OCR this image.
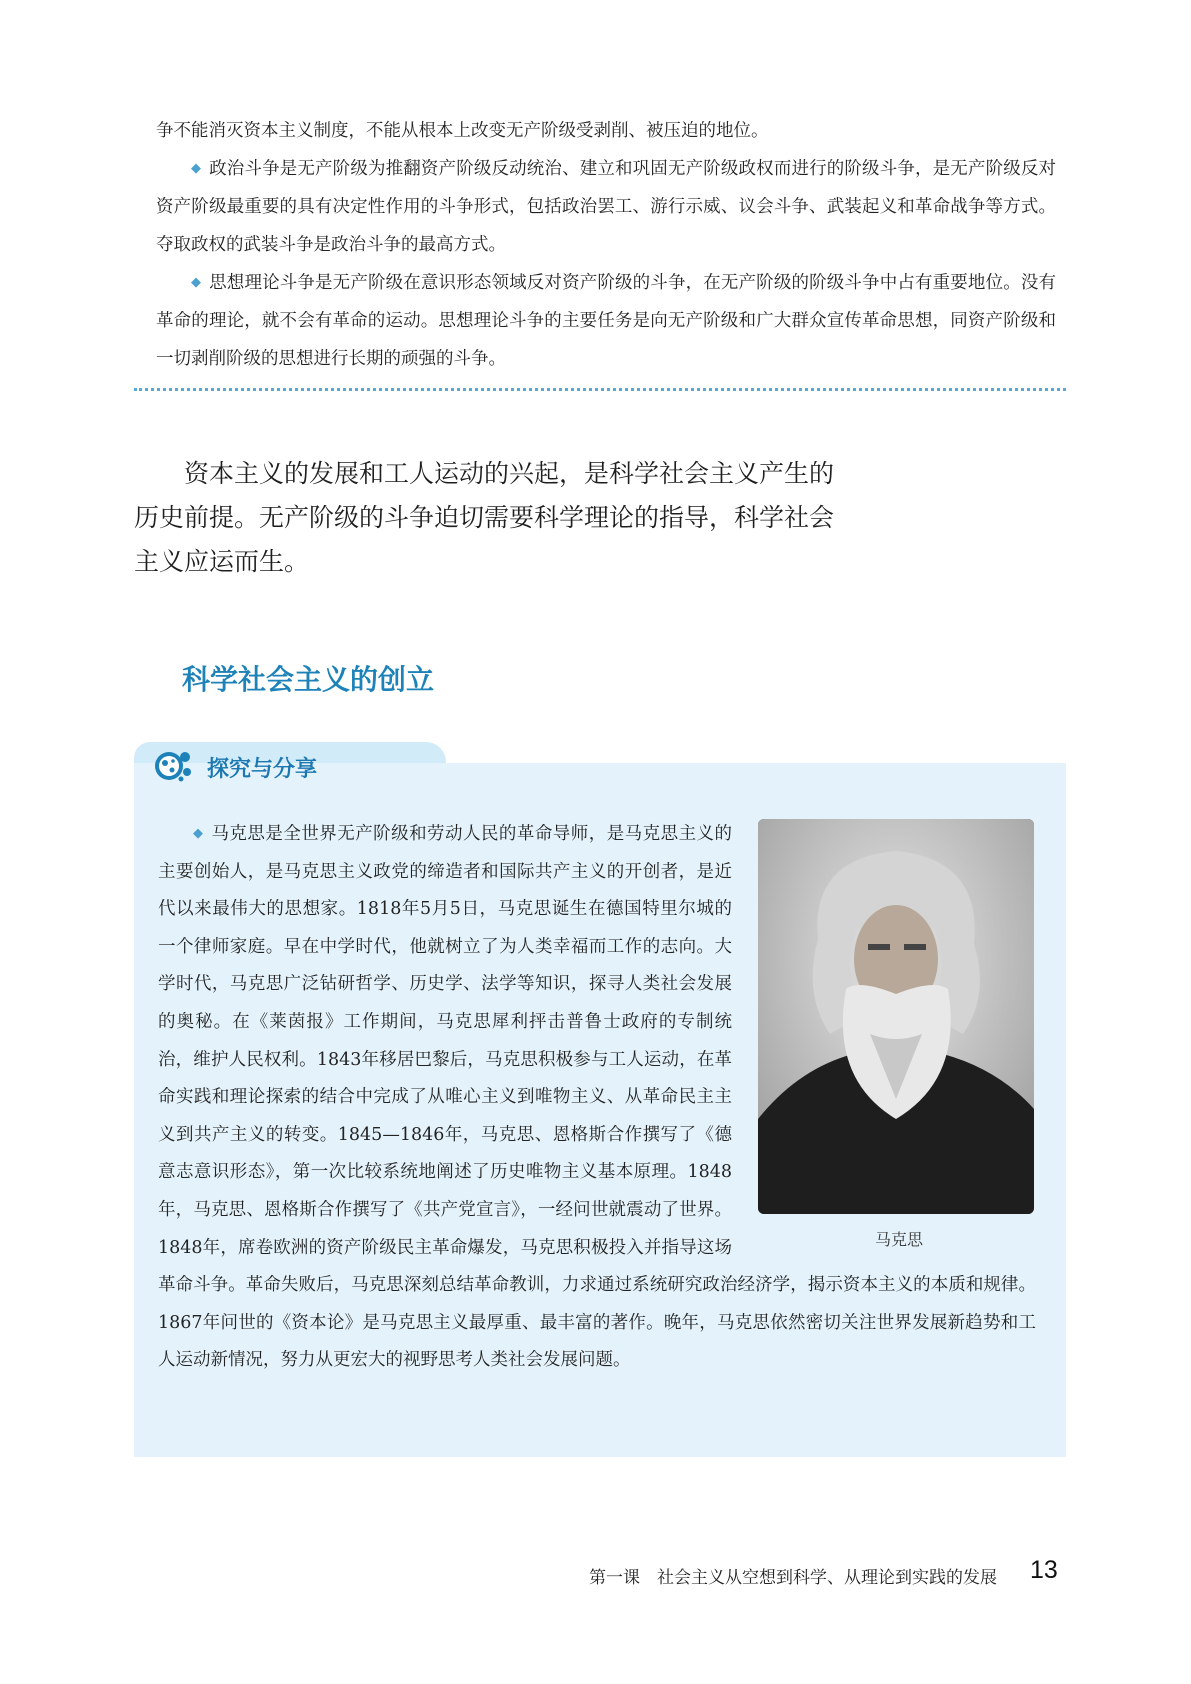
争不能消灭资本主义制度，不能从根本上改变无产阶级受剥削、被压迫的地位。

◆ 政治斗争是无产阶级为推翻资产阶级反动统治、建立和巩固无产阶级政权而进行的阶级斗争，是无产阶级反对资产阶级最重要的具有决定性作用的斗争形式，包括政治罢工、游行示威、议会斗争、武装起义和革命战争等方式。夺取政权的武装斗争是政治斗争的最高方式。

◆ 思想理论斗争是无产阶级在意识形态领域反对资产阶级的斗争，在无产阶级的阶级斗争中占有重要地位。没有革命的理论，就不会有革命的运动。思想理论斗争的主要任务是向无产阶级和广大群众宣传革命思想，同资产阶级和一切剥削阶级的思想进行长期的顽强的斗争。

资本主义的发展和工人运动的兴起，是科学社会主义产生的历史前提。无产阶级的斗争迫切需要科学理论的指导，科学社会主义应运而生。

科学社会主义的创立
探究与分享
◆ 马克思是全世界无产阶级和劳动人民的革命导师，是马克思主义的主要创始人，是马克思主义政党的缔造者和国际共产主义的开创者，是近代以来最伟大的思想家。1818年5月5日，马克思诞生在德国特里尔城的一个律师家庭。早在中学时代，他就树立了为人类幸福而工作的志向。大学时代，马克思广泛钻研哲学、历史学、法学等知识，探寻人类社会发展的奥秘。在《莱茵报》工作期间，马克思犀利抨击普鲁士政府的专制统治，维护人民权利。1843年移居巴黎后，马克思积极参与工人运动，在革命实践和理论探索的结合中完成了从唯心主义到唯物主义、从革命民主主义到共产主义的转变。1845—1846年，马克思、恩格斯合作撰写了《德意志意识形态》，第一次比较系统地阐述了历史唯物主义基本原理。1848年，马克思、恩格斯合作撰写了《共产党宣言》，一经问世就震动了世界。1848年，席卷欧洲的资产阶级民主革命爆发，马克思积极投入并指导这场革命斗争。革命失败后，马克思深刻总结革命教训，力求通过系统研究政治经济学，揭示资本主义的本质和规律。1867年问世的《资本论》是马克思主义最厚重、最丰富的著作。晚年，马克思依然密切关注世界发展新趋势和工人运动新情况，努力从更宏大的视野思考人类社会发展问题。
马克思
第一课　社会主义从空想到科学、从理论到实践的发展 13
